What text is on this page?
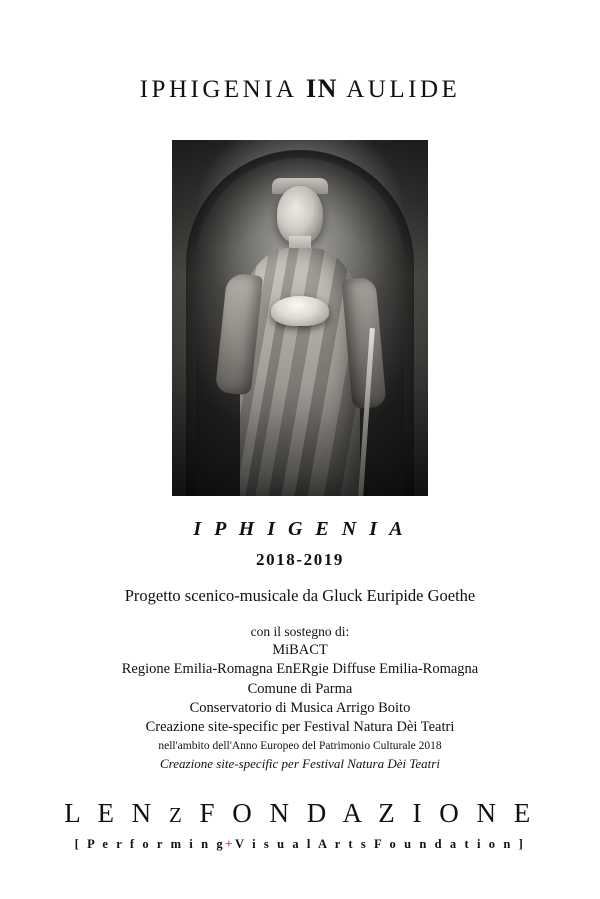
IPHIGENIA IN AULIDE
I P H I G E N I A
2018-2019
Progetto scenico-musicale da Gluck Euripide Goethe
con il sostegno di:
MiBACT
Regione Emilia-Romagna EnERgie Diffuse Emilia-Romagna
Comune di Parma
Conservatorio di Musica Arrigo Boito
Creazione site-specific per Festival Natura Dèi Teatri
nell'ambito dell'Anno Europeo del Patrimonio Culturale 2018
Creazione site-specific per Festival Natura Dèi Teatri
L E N Z F O N D A Z I O N E
[ P e r f o r m i n g+V i s u a l A r t s F o u n d a t i o n ]
